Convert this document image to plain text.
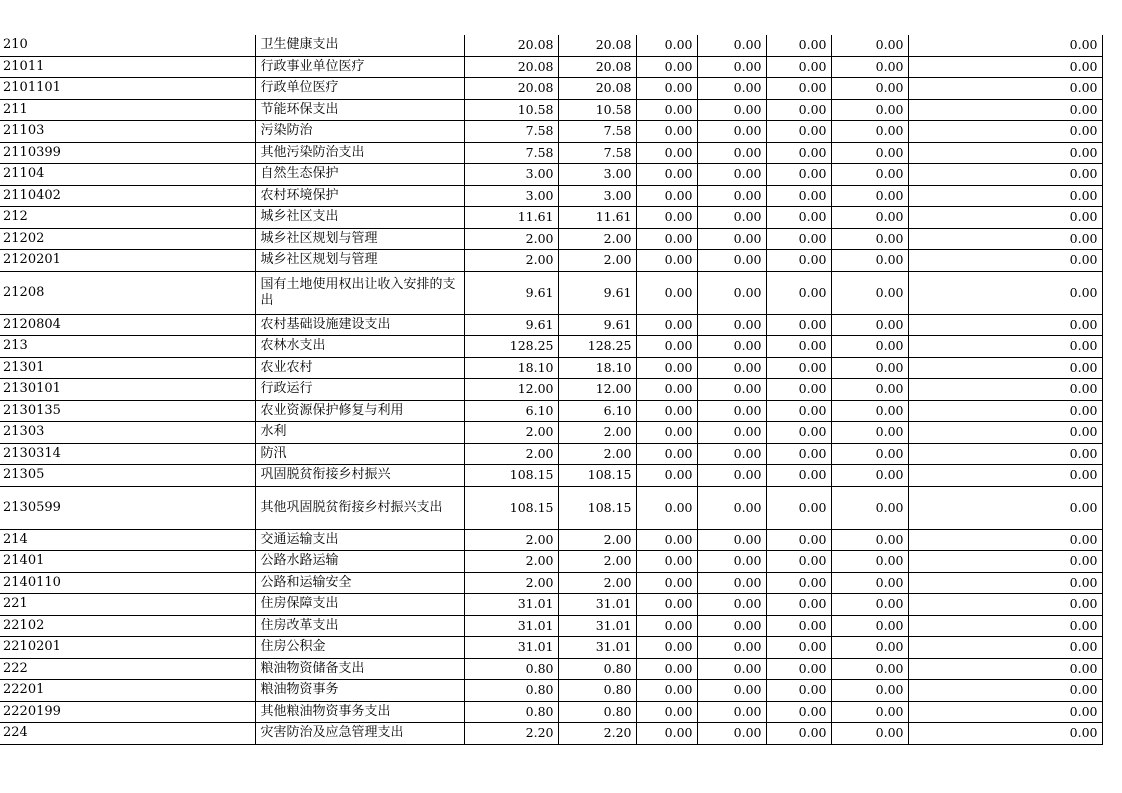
210	卫生健康支出	20.08	20.08	0.00	0.00	0.00	0.00	0.00
21011	行政事业单位医疗	20.08	20.08	0.00	0.00	0.00	0.00	0.00
2101101	行政单位医疗	20.08	20.08	0.00	0.00	0.00	0.00	0.00
211	节能环保支出	10.58	10.58	0.00	0.00	0.00	0.00	0.00
21103	污染防治	7.58	7.58	0.00	0.00	0.00	0.00	0.00
2110399	其他污染防治支出	7.58	7.58	0.00	0.00	0.00	0.00	0.00
21104	自然生态保护	3.00	3.00	0.00	0.00	0.00	0.00	0.00
2110402	农村环境保护	3.00	3.00	0.00	0.00	0.00	0.00	0.00
212	城乡社区支出	11.61	11.61	0.00	0.00	0.00	0.00	0.00
21202	城乡社区规划与管理	2.00	2.00	0.00	0.00	0.00	0.00	0.00
2120201	城乡社区规划与管理	2.00	2.00	0.00	0.00	0.00	0.00	0.00
21208	国有土地使用权出让收入安排的支出	9.61	9.61	0.00	0.00	0.00	0.00	0.00
2120804	农村基础设施建设支出	9.61	9.61	0.00	0.00	0.00	0.00	0.00
213	农林水支出	128.25	128.25	0.00	0.00	0.00	0.00	0.00
21301	农业农村	18.10	18.10	0.00	0.00	0.00	0.00	0.00
2130101	行政运行	12.00	12.00	0.00	0.00	0.00	0.00	0.00
2130135	农业资源保护修复与利用	6.10	6.10	0.00	0.00	0.00	0.00	0.00
21303	水利	2.00	2.00	0.00	0.00	0.00	0.00	0.00
2130314	防汛	2.00	2.00	0.00	0.00	0.00	0.00	0.00
21305	巩固脱贫衔接乡村振兴	108.15	108.15	0.00	0.00	0.00	0.00	0.00
2130599	其他巩固脱贫衔接乡村振兴支出	108.15	108.15	0.00	0.00	0.00	0.00	0.00
214	交通运输支出	2.00	2.00	0.00	0.00	0.00	0.00	0.00
21401	公路水路运输	2.00	2.00	0.00	0.00	0.00	0.00	0.00
2140110	公路和运输安全	2.00	2.00	0.00	0.00	0.00	0.00	0.00
221	住房保障支出	31.01	31.01	0.00	0.00	0.00	0.00	0.00
22102	住房改革支出	31.01	31.01	0.00	0.00	0.00	0.00	0.00
2210201	住房公积金	31.01	31.01	0.00	0.00	0.00	0.00	0.00
222	粮油物资储备支出	0.80	0.80	0.00	0.00	0.00	0.00	0.00
22201	粮油物资事务	0.80	0.80	0.00	0.00	0.00	0.00	0.00
2220199	其他粮油物资事务支出	0.80	0.80	0.00	0.00	0.00	0.00	0.00
224	灾害防治及应急管理支出	2.20	2.20	0.00	0.00	0.00	0.00	0.00
